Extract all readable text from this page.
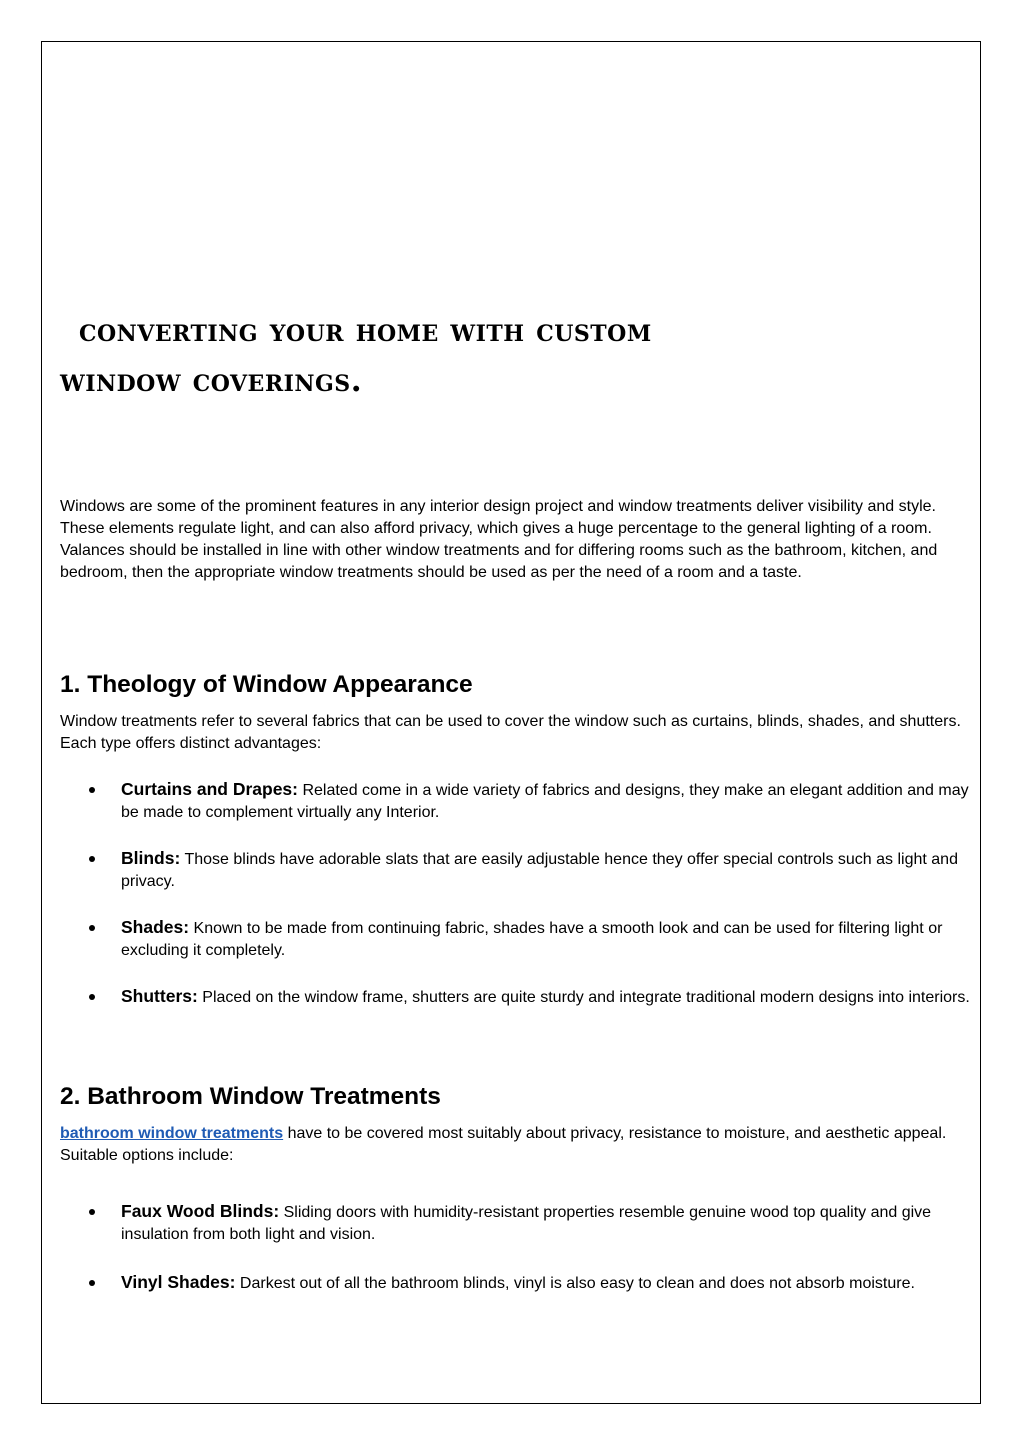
converting your home with custom
window coverings.

Windows are some of the prominent features in any interior design project and window treatments deliver visibility and style. These elements regulate light, and can also afford privacy, which gives a huge percentage to the general lighting of a room. Valances should be installed in line with other window treatments and for differing rooms such as the bathroom, kitchen, and bedroom, then the appropriate window treatments should be used as per the need of a room and a taste.

1. Theology of Window Appearance

Window treatments refer to several fabrics that can be used to cover the window such as curtains, blinds, shades, and shutters. Each type offers distinct advantages:

Curtains and Drapes: Related come in a wide variety of fabrics and designs, they make an elegant addition and may be made to complement virtually any Interior.
Blinds: Those blinds have adorable slats that are easily adjustable hence they offer special controls such as light and privacy.
Shades: Known to be made from continuing fabric, shades have a smooth look and can be used for filtering light or excluding it completely.
Shutters: Placed on the window frame, shutters are quite sturdy and integrate traditional modern designs into interiors.
2. Bathroom Window Treatments

bathroom window treatments have to be covered most suitably about privacy, resistance to moisture, and aesthetic appeal. Suitable options include:

Faux Wood Blinds: Sliding doors with humidity-resistant properties resemble genuine wood top quality and give insulation from both light and vision.
Vinyl Shades: Darkest out of all the bathroom blinds, vinyl is also easy to clean and does not absorb moisture.
